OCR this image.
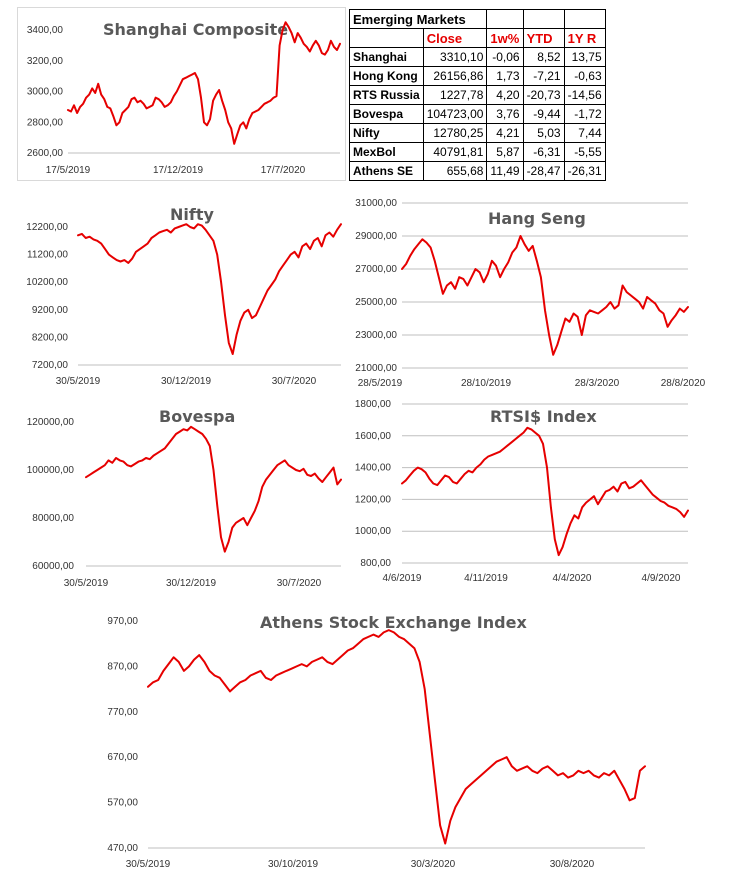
Shanghai Composite
2600,00
2800,00
3000,00
3200,00
3400,00
17/5/2019	17/12/2019	17/7/2020
Emerging Markets				
	Close	1w%	YTD	1Y R
Shanghai	3310,10	-0,06	8,52	13,75
Hong Kong	26156,86	1,73	-7,21	-0,63
RTS Russia	1227,78	4,20	-20,73	-14,56
Bovespa	104723,00	3,76	-9,44	-1,72
Nifty	12780,25	4,21	5,03	7,44
MexBol	40791,81	5,87	-6,31	-5,55
Athens SE	655,68	11,49	-28,47	-26,31
Nifty
7200,00
8200,00
9200,00
10200,00
11200,00
12200,00
30/5/2019	30/12/2019	30/7/2020
Hang Seng
21000,00
23000,00
25000,00
27000,00
29000,00
31000,00
28/5/2019	28/10/2019	28/3/2020	28/8/2020
Bovespa
60000,00
80000,00
100000,00
120000,00
30/5/2019	30/12/2019	30/7/2020
RTSI$ Index
800,00
1000,00
1200,00
1400,00
1600,00
1800,00
4/6/2019	4/11/2019	4/4/2020	4/9/2020
Athens Stock Exchange Index
470,00
570,00
670,00
770,00
870,00
970,00
30/5/2019	30/10/2019	30/3/2020	30/8/2020
